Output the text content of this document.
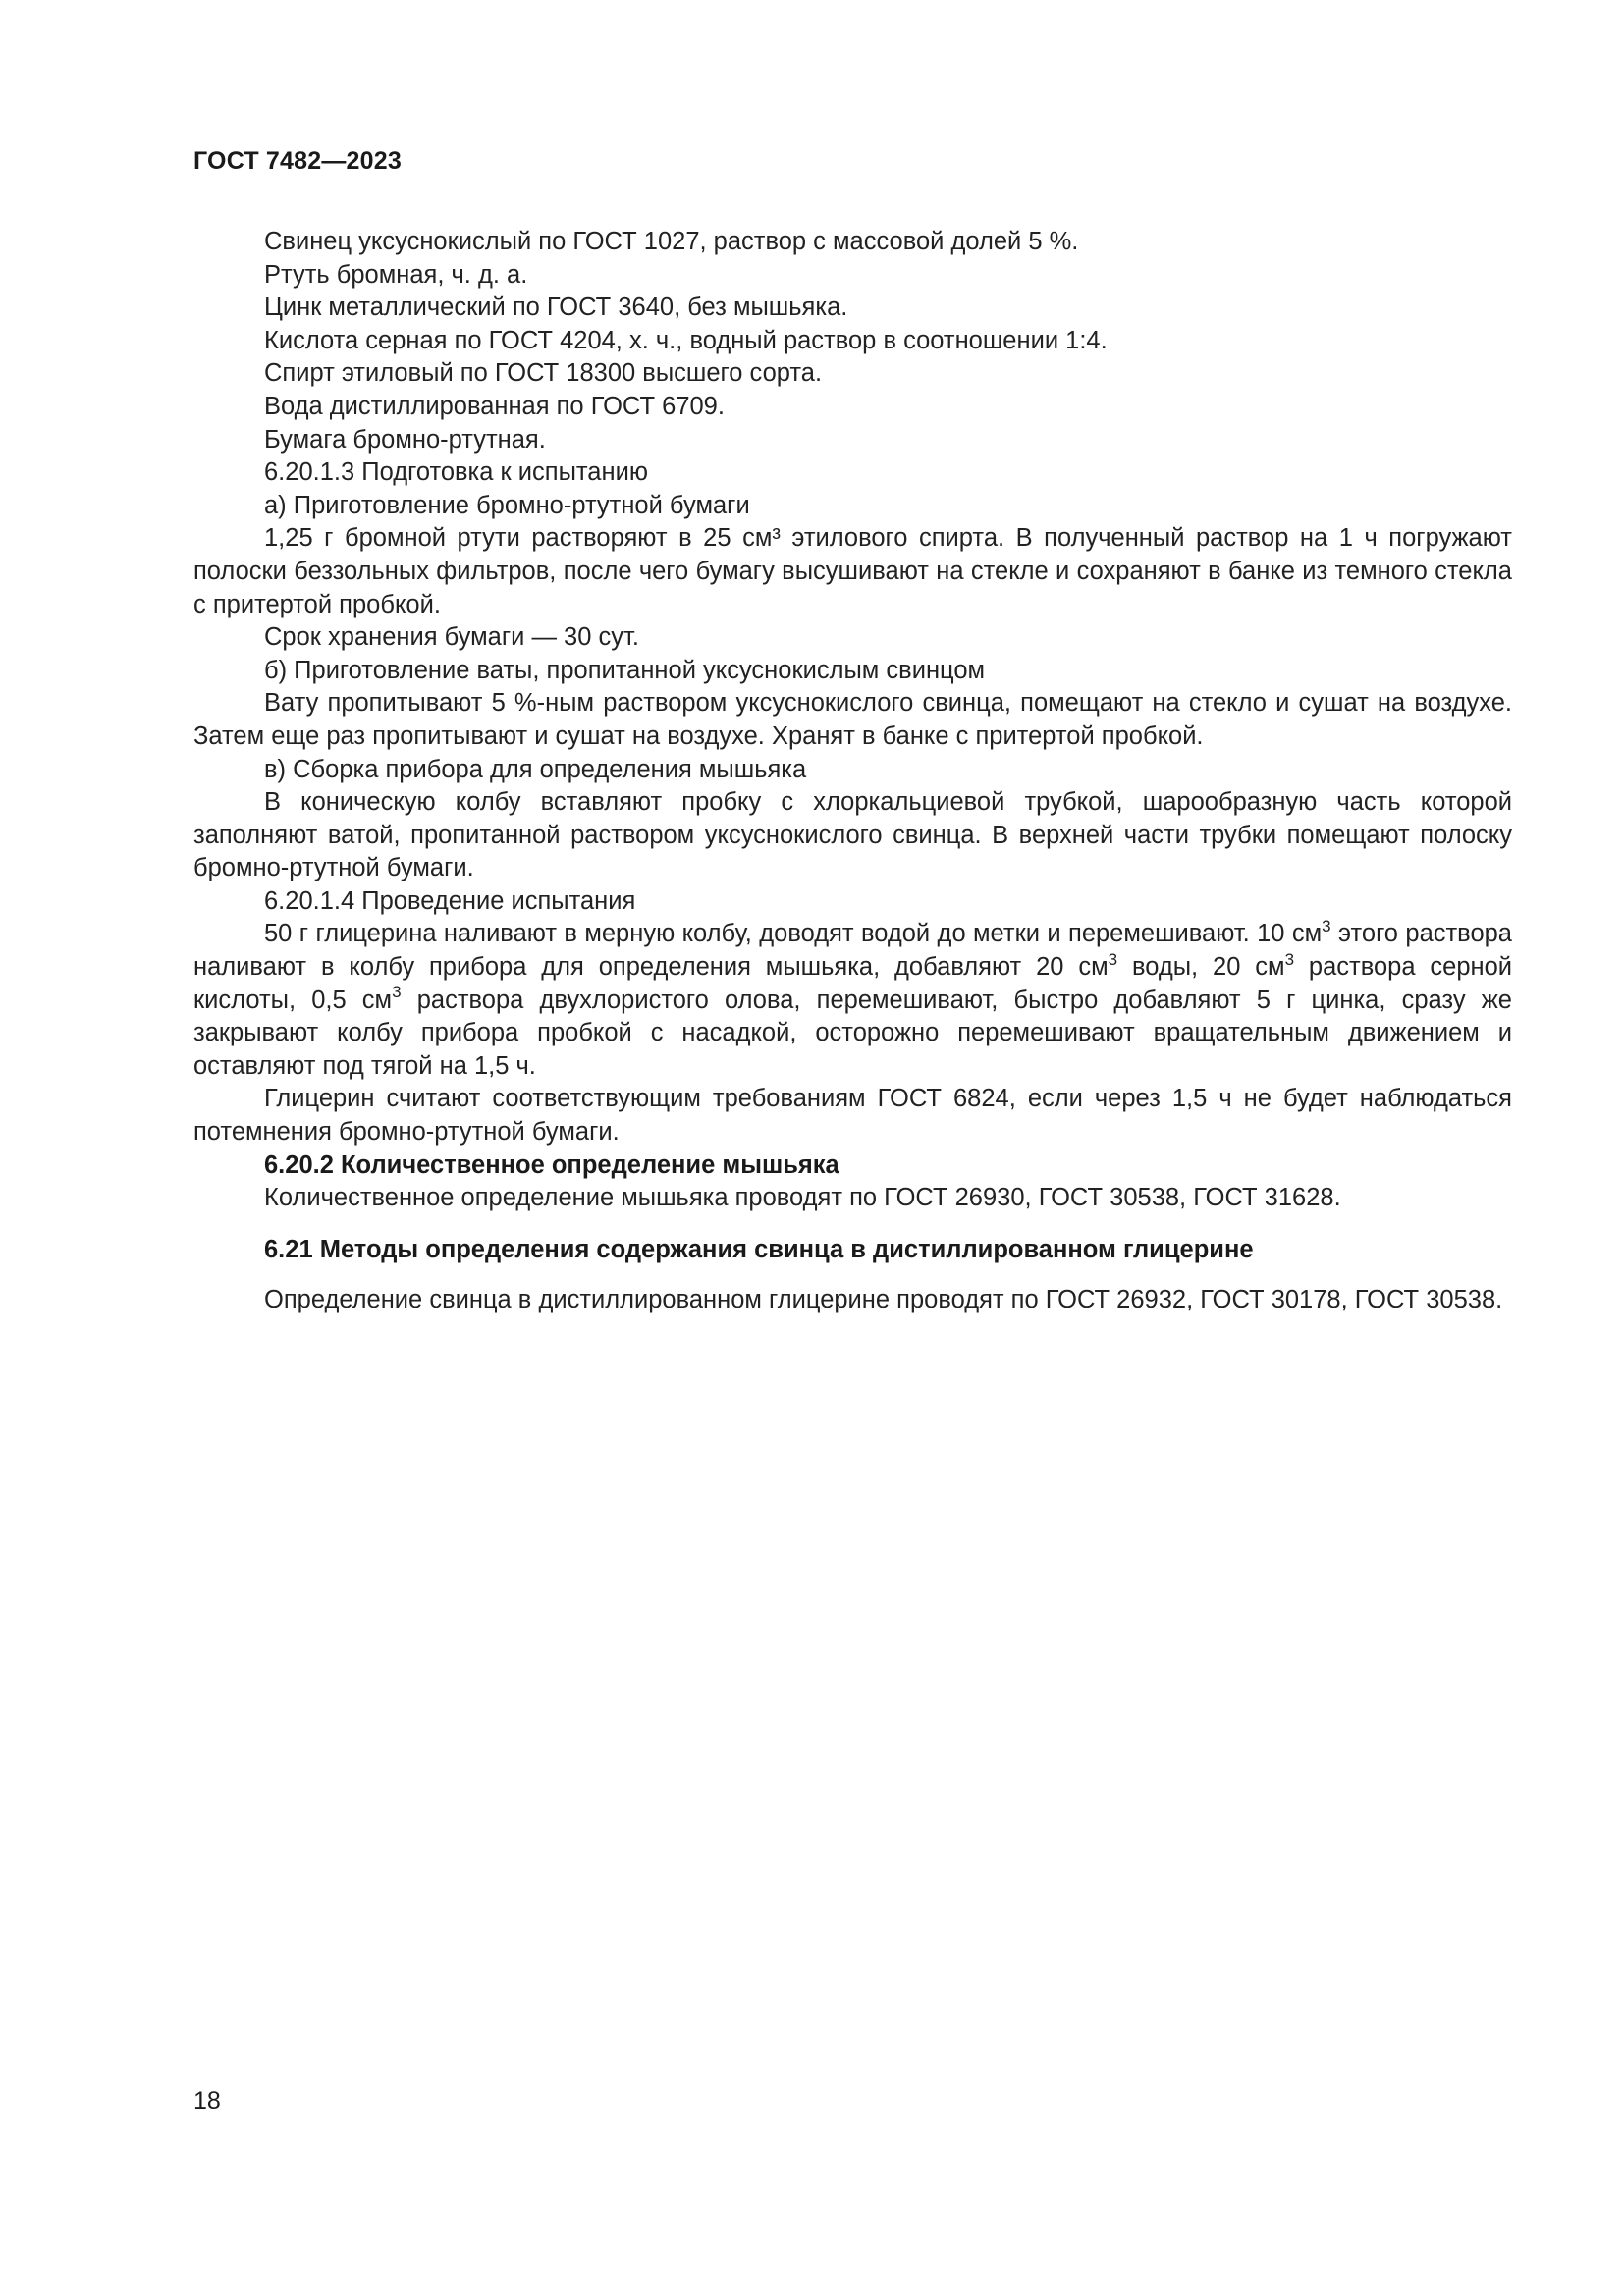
ГОСТ 7482—2023

Свинец уксуснокислый по ГОСТ 1027, раствор с массовой долей 5 %.

Ртуть бромная, ч. д. а.

Цинк металлический по ГОСТ 3640, без мышьяка.

Кислота серная по ГОСТ 4204, х. ч., водный раствор в соотношении 1:4.

Спирт этиловый по ГОСТ 18300 высшего сорта.

Вода дистиллированная по ГОСТ 6709.

Бумага бромно-ртутная.

6.20.1.3 Подготовка к испытанию

а) Приготовление бромно-ртутной бумаги

1,25 г бромной ртути растворяют в 25 см³ этилового спирта. В полученный раствор на 1 ч погружают полоски беззольных фильтров, после чего бумагу высушивают на стекле и сохраняют в банке из темного стекла с притертой пробкой.

Срок хранения бумаги — 30 сут.

б) Приготовление ваты, пропитанной уксуснокислым свинцом

Вату пропитывают 5 %-ным раствором уксуснокислого свинца, помещают на стекло и сушат на воздухе. Затем еще раз пропитывают и сушат на воздухе. Хранят в банке с притертой пробкой.

в) Сборка прибора для определения мышьяка

В коническую колбу вставляют пробку с хлоркальциевой трубкой, шарообразную часть которой заполняют ватой, пропитанной раствором уксуснокислого свинца. В верхней части трубки помещают полоску бромно-ртутной бумаги.

6.20.1.4 Проведение испытания

50 г глицерина наливают в мерную колбу, доводят водой до метки и перемешивают. 10 $см^3$ этого раствора наливают в колбу прибора для определения мышьяка, добавляют 20 $см^3$ воды, 20 $см^3$ раствора серной кислоты, 0,5 $см^3$ раствора двухлористого олова, перемешивают, быстро добавляют 5 г цинка, сразу же закрывают колбу прибора пробкой с насадкой, осторожно перемешивают вращательным движением и оставляют под тягой на 1,5 ч.

Глицерин считают соответствующим требованиям ГОСТ 6824, если через 1,5 ч не будет наблюдаться потемнения бромно-ртутной бумаги.

6.20.2 Количественное определение мышьяка

Количественное определение мышьяка проводят по ГОСТ 26930, ГОСТ 30538, ГОСТ 31628.

6.21 Методы определения содержания свинца в дистиллированном глицерине

Определение свинца в дистиллированном глицерине проводят по ГОСТ 26932, ГОСТ 30178, ГОСТ 30538.

18
